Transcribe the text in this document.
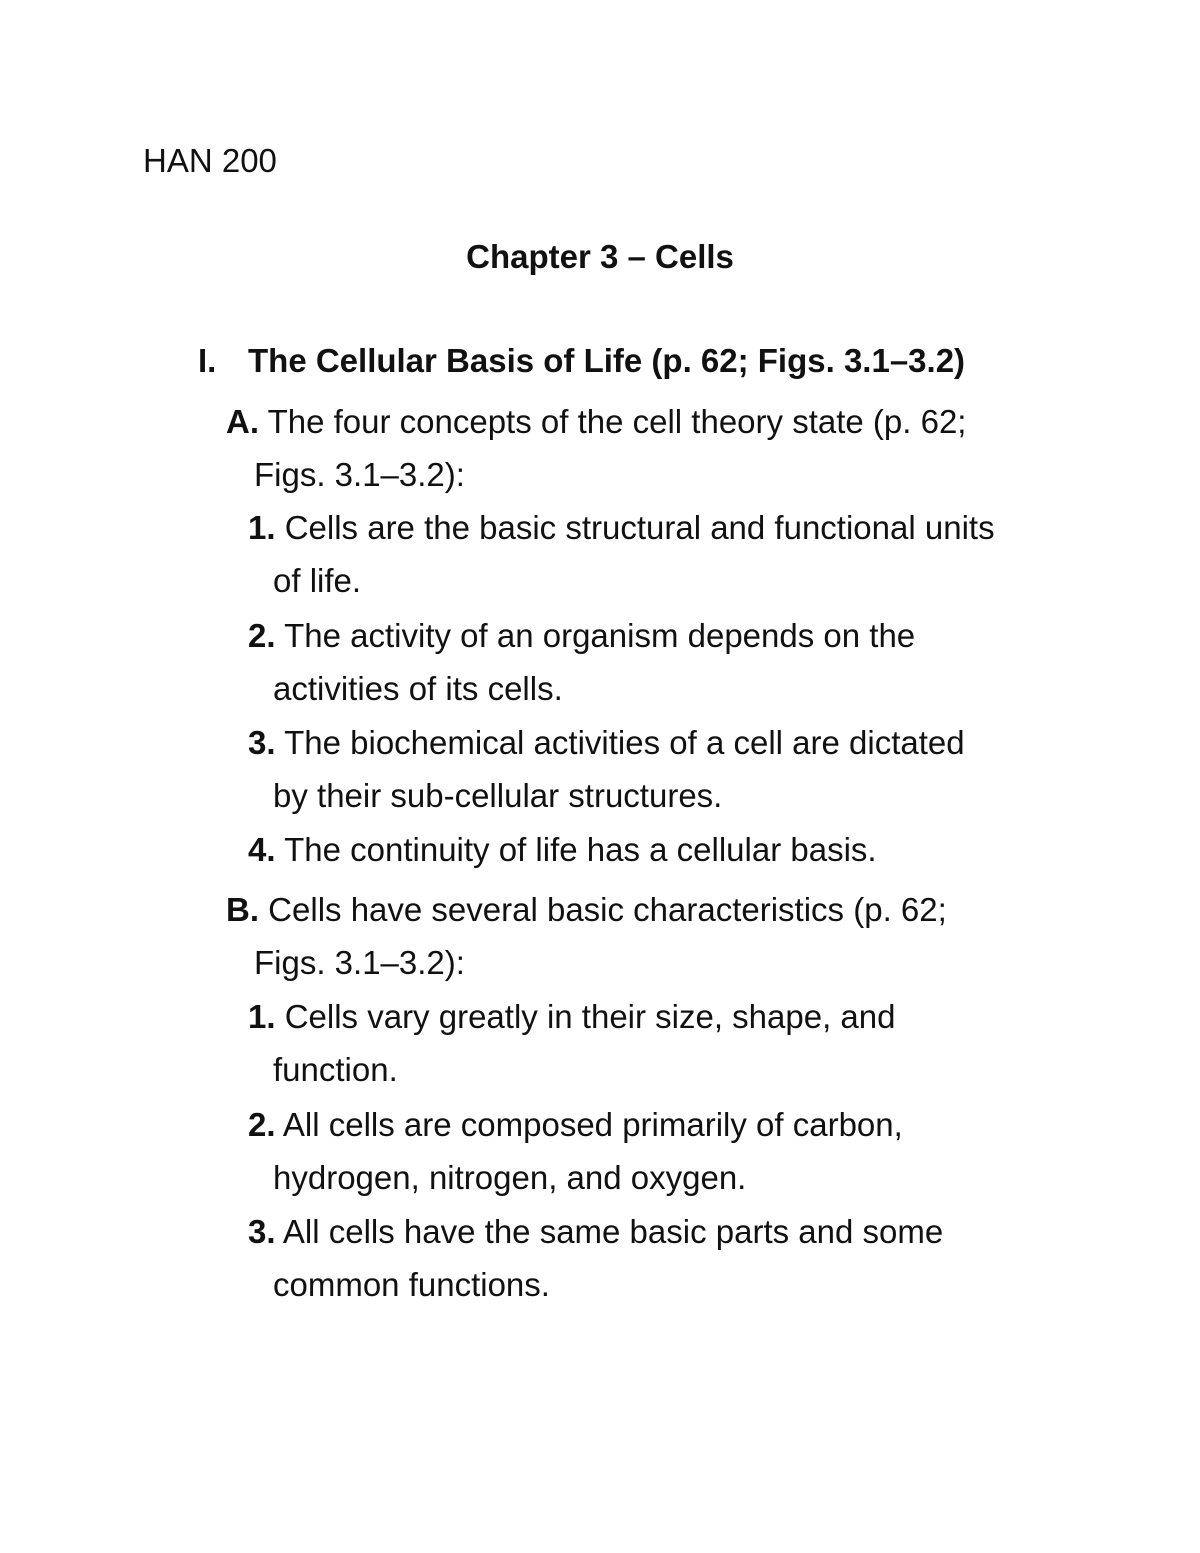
HAN 200
Chapter 3 – Cells
I. The Cellular Basis of Life (p. 62; Figs. 3.1–3.2)
A. The four concepts of the cell theory state (p. 62;
Figs. 3.1–3.2):
1. Cells are the basic structural and functional units
of life.
2. The activity of an organism depends on the
activities of its cells.
3. The biochemical activities of a cell are dictated
by their sub-cellular structures.
4. The continuity of life has a cellular basis.
B. Cells have several basic characteristics (p. 62;
Figs. 3.1–3.2):
1. Cells vary greatly in their size, shape, and
function.
2. All cells are composed primarily of carbon,
hydrogen, nitrogen, and oxygen.
3. All cells have the same basic parts and some
common functions.
